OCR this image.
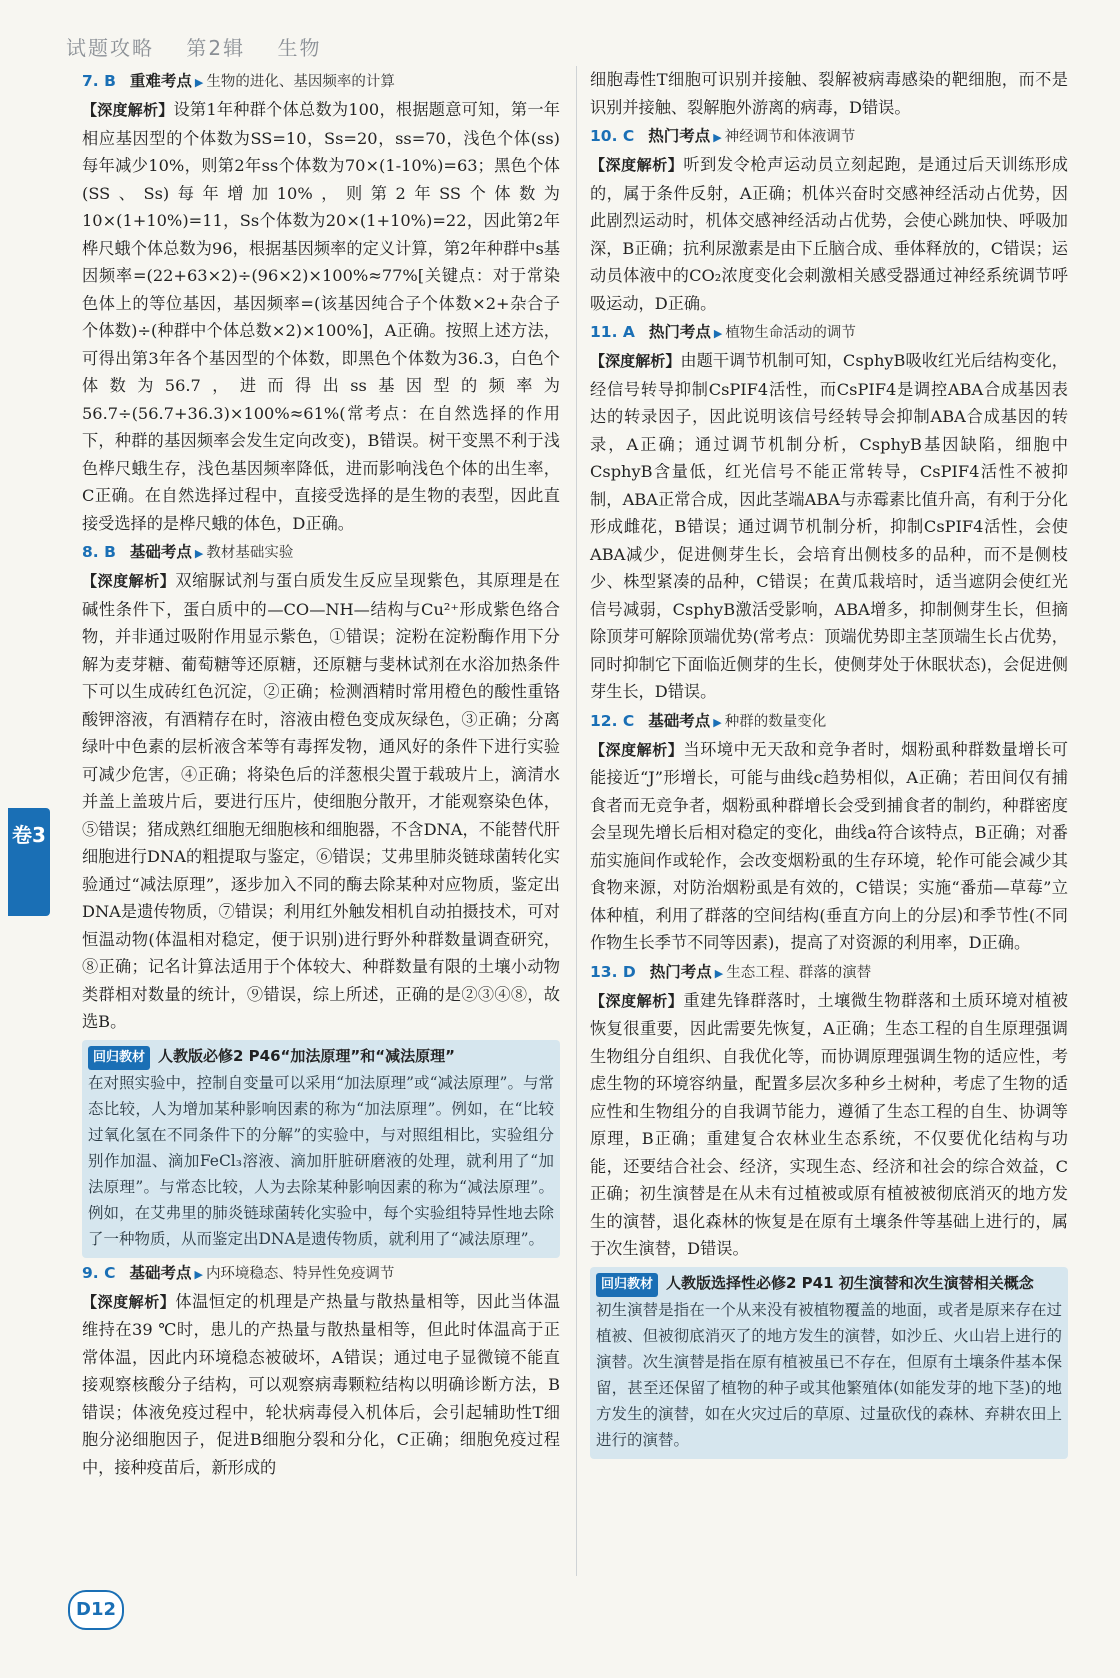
试题攻略 第2辑 生物
卷3
7. B 重难考点 ▶ 生物的进化、基因频率的计算

【深度解析】设第1年种群个体总数为100，根据题意可知，第一年相应基因型的个体数为SS=10，Ss=20，ss=70，浅色个体(ss)每年减少10%，则第2年ss个体数为70×(1-10%)=63；黑色个体(SS、Ss)每年增加10%，则第2年SS个体数为10×(1+10%)=11，Ss个体数为20×(1+10%)=22，因此第2年桦尺蛾个体总数为96，根据基因频率的定义计算，第2年种群中s基因频率=(22+63×2)÷(96×2)×100%≈77%[关键点：对于常染色体上的等位基因，基因频率=(该基因纯合子个体数×2+杂合子个体数)÷(种群中个体总数×2)×100%]，A正确。按照上述方法，可得出第3年各个基因型的个体数，即黑色个体数为36.3，白色个体数为56.7，进而得出ss基因型的频率为56.7÷(56.7+36.3)×100%≈61%(常考点：在自然选择的作用下，种群的基因频率会发生定向改变)，B错误。树干变黑不利于浅色桦尺蛾生存，浅色基因频率降低，进而影响浅色个体的出生率，C正确。在自然选择过程中，直接受选择的是生物的表型，因此直接受选择的是桦尺蛾的体色，D正确。

8. B 基础考点 ▶ 教材基础实验

【深度解析】双缩脲试剂与蛋白质发生反应呈现紫色，其原理是在碱性条件下，蛋白质中的—CO—NH—结构与Cu²⁺形成紫色络合物，并非通过吸附作用显示紫色，①错误；淀粉在淀粉酶作用下分解为麦芽糖、葡萄糖等还原糖，还原糖与斐林试剂在水浴加热条件下可以生成砖红色沉淀，②正确；检测酒精时常用橙色的酸性重铬酸钾溶液，有酒精存在时，溶液由橙色变成灰绿色，③正确；分离绿叶中色素的层析液含苯等有毒挥发物，通风好的条件下进行实验可减少危害，④正确；将染色后的洋葱根尖置于载玻片上，滴清水并盖上盖玻片后，要进行压片，使细胞分散开，才能观察染色体，⑤错误；猪成熟红细胞无细胞核和细胞器，不含DNA，不能替代肝细胞进行DNA的粗提取与鉴定，⑥错误；艾弗里肺炎链球菌转化实验通过“减法原理”，逐步加入不同的酶去除某种对应物质，鉴定出DNA是遗传物质，⑦错误；利用红外触发相机自动拍摄技术，可对恒温动物(体温相对稳定，便于识别)进行野外种群数量调查研究，⑧正确；记名计算法适用于个体较大、种群数量有限的土壤小动物类群相对数量的统计，⑨错误，综上所述，正确的是②③④⑧，故选B。

回归教材 人教版必修2 P46“加法原理”和“减法原理”

在对照实验中，控制自变量可以采用“加法原理”或“减法原理”。与常态比较，人为增加某种影响因素的称为“加法原理”。例如，在“比较过氧化氢在不同条件下的分解”的实验中，与对照组相比，实验组分别作加温、滴加FeCl₃溶液、滴加肝脏研磨液的处理，就利用了“加法原理”。与常态比较，人为去除某种影响因素的称为“减法原理”。例如，在艾弗里的肺炎链球菌转化实验中，每个实验组特异性地去除了一种物质，从而鉴定出DNA是遗传物质，就利用了“减法原理”。

9. C 基础考点 ▶ 内环境稳态、特异性免疫调节

【深度解析】体温恒定的机理是产热量与散热量相等，因此当体温维持在39 ℃时，患儿的产热量与散热量相等，但此时体温高于正常体温，因此内环境稳态被破坏，A错误；通过电子显微镜不能直接观察核酸分子结构，可以观察病毒颗粒结构以明确诊断方法，B错误；体液免疫过程中，轮状病毒侵入机体后，会引起辅助性T细胞分泌细胞因子，促进B细胞分裂和分化，C正确；细胞免疫过程中，接种疫苗后，新形成的

细胞毒性T细胞可识别并接触、裂解被病毒感染的靶细胞，而不是识别并接触、裂解胞外游离的病毒，D错误。

10. C 热门考点 ▶ 神经调节和体液调节

【深度解析】听到发令枪声运动员立刻起跑，是通过后天训练形成的，属于条件反射，A正确；机体兴奋时交感神经活动占优势，因此剧烈运动时，机体交感神经活动占优势，会使心跳加快、呼吸加深，B正确；抗利尿激素是由下丘脑合成、垂体释放的，C错误；运动员体液中的CO₂浓度变化会刺激相关感受器通过神经系统调节呼吸运动，D正确。

11. A 热门考点 ▶ 植物生命活动的调节

【深度解析】由题干调节机制可知，CsphyB吸收红光后结构变化，经信号转导抑制CsPIF4活性，而CsPIF4是调控ABA合成基因表达的转录因子，因此说明该信号经转导会抑制ABA合成基因的转录，A正确；通过调节机制分析，CsphyB基因缺陷，细胞中CsphyB含量低，红光信号不能正常转导，CsPIF4活性不被抑制，ABA正常合成，因此茎端ABA与赤霉素比值升高，有利于分化形成雌花，B错误；通过调节机制分析，抑制CsPIF4活性，会使ABA减少，促进侧芽生长，会培育出侧枝多的品种，而不是侧枝少、株型紧凑的品种，C错误；在黄瓜栽培时，适当遮阴会使红光信号减弱，CsphyB激活受影响，ABA增多，抑制侧芽生长，但摘除顶芽可解除顶端优势(常考点：顶端优势即主茎顶端生长占优势，同时抑制它下面临近侧芽的生长，使侧芽处于休眠状态)，会促进侧芽生长，D错误。

12. C 基础考点 ▶ 种群的数量变化

【深度解析】当环境中无天敌和竞争者时，烟粉虱种群数量增长可能接近“J”形增长，可能与曲线c趋势相似，A正确；若田间仅有捕食者而无竞争者，烟粉虱种群增长会受到捕食者的制约，种群密度会呈现先增长后相对稳定的变化，曲线a符合该特点，B正确；对番茄实施间作或轮作，会改变烟粉虱的生存环境，轮作可能会减少其食物来源，对防治烟粉虱是有效的，C错误；实施“番茄—草莓”立体种植，利用了群落的空间结构(垂直方向上的分层)和季节性(不同作物生长季节不同等因素)，提高了对资源的利用率，D正确。

13. D 热门考点 ▶ 生态工程、群落的演替

【深度解析】重建先锋群落时，土壤微生物群落和土质环境对植被恢复很重要，因此需要先恢复，A正确；生态工程的自生原理强调生物组分自组织、自我优化等，而协调原理强调生物的适应性，考虑生物的环境容纳量，配置多层次多种乡土树种，考虑了生物的适应性和生物组分的自我调节能力，遵循了生态工程的自生、协调等原理，B正确；重建复合农林业生态系统，不仅要优化结构与功能，还要结合社会、经济，实现生态、经济和社会的综合效益，C正确；初生演替是在从未有过植被或原有植被被彻底消灭的地方发生的演替，退化森林的恢复是在原有土壤条件等基础上进行的，属于次生演替，D错误。

回归教材 人教版选择性必修2 P41 初生演替和次生演替相关概念

初生演替是指在一个从来没有被植物覆盖的地面，或者是原来存在过植被、但被彻底消灭了的地方发生的演替，如沙丘、火山岩上进行的演替。次生演替是指在原有植被虽已不存在，但原有土壤条件基本保留，甚至还保留了植物的种子或其他繁殖体(如能发芽的地下茎)的地方发生的演替，如在火灾过后的草原、过量砍伐的森林、弃耕农田上进行的演替。

D12
